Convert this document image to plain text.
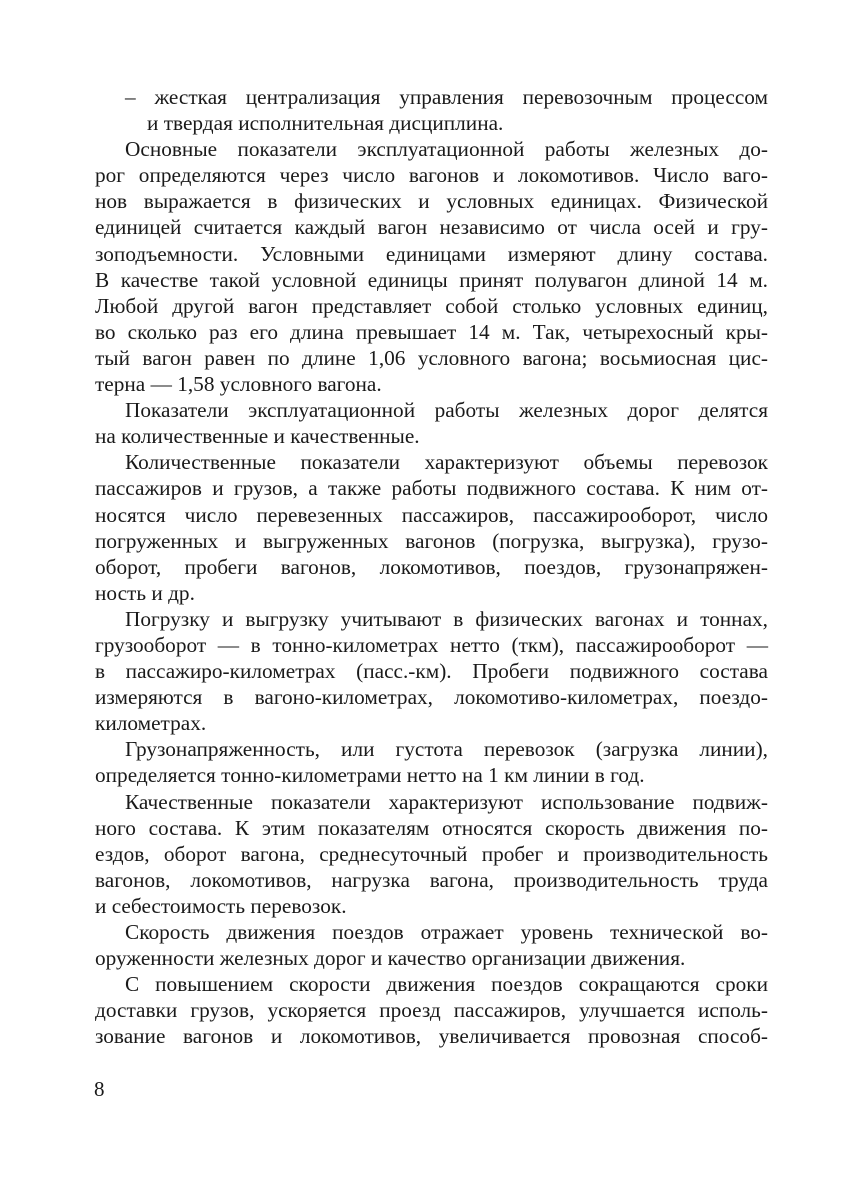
– жесткая централизация управления перевозочным процессом
и твердая исполнительная дисциплина.
Основные показатели эксплуатационной работы железных до-
рог определяются через число вагонов и локомотивов. Число ваго-
нов выражается в физических и условных единицах. Физической
единицей считается каждый вагон независимо от числа осей и гру-
зоподъемности. Условными единицами измеряют длину состава.
В качестве такой условной единицы принят полувагон длиной 14 м.
Любой другой вагон представляет собой столько условных единиц,
во сколько раз его длина превышает 14 м. Так, четырехосный кры-
тый вагон равен по длине 1,06 условного вагона; восьмиосная цис-
терна — 1,58 условного вагона.
Показатели эксплуатационной работы железных дорог делятся
на количественные и качественные.
Количественные показатели характеризуют объемы перевозок
пассажиров и грузов, а также работы подвижного состава. К ним от-
носятся число перевезенных пассажиров, пассажирооборот, число
погруженных и выгруженных вагонов (погрузка, выгрузка), грузо-
оборот, пробеги вагонов, локомотивов, поездов, грузонапряжен-
ность и др.
Погрузку и выгрузку учитывают в физических вагонах и тоннах,
грузооборот — в тонно-километрах нетто (ткм), пассажирооборот —
в пассажиро-километрах (пасс.-км). Пробеги подвижного состава
измеряются в вагоно-километрах, локомотиво-километрах, поездо-
километрах.
Грузонапряженность, или густота перевозок (загрузка линии),
определяется тонно-километрами нетто на 1 км линии в год.
Качественные показатели характеризуют использование подвиж-
ного состава. К этим показателям относятся скорость движения по-
ездов, оборот вагона, среднесуточный пробег и производительность
вагонов, локомотивов, нагрузка вагона, производительность труда
и себестоимость перевозок.
Скорость движения поездов отражает уровень технической во-
оруженности железных дорог и качество организации движения.
С повышением скорости движения поездов сокращаются сроки
доставки грузов, ускоряется проезд пассажиров, улучшается исполь-
зование вагонов и локомотивов, увеличивается провозная способ-
8
